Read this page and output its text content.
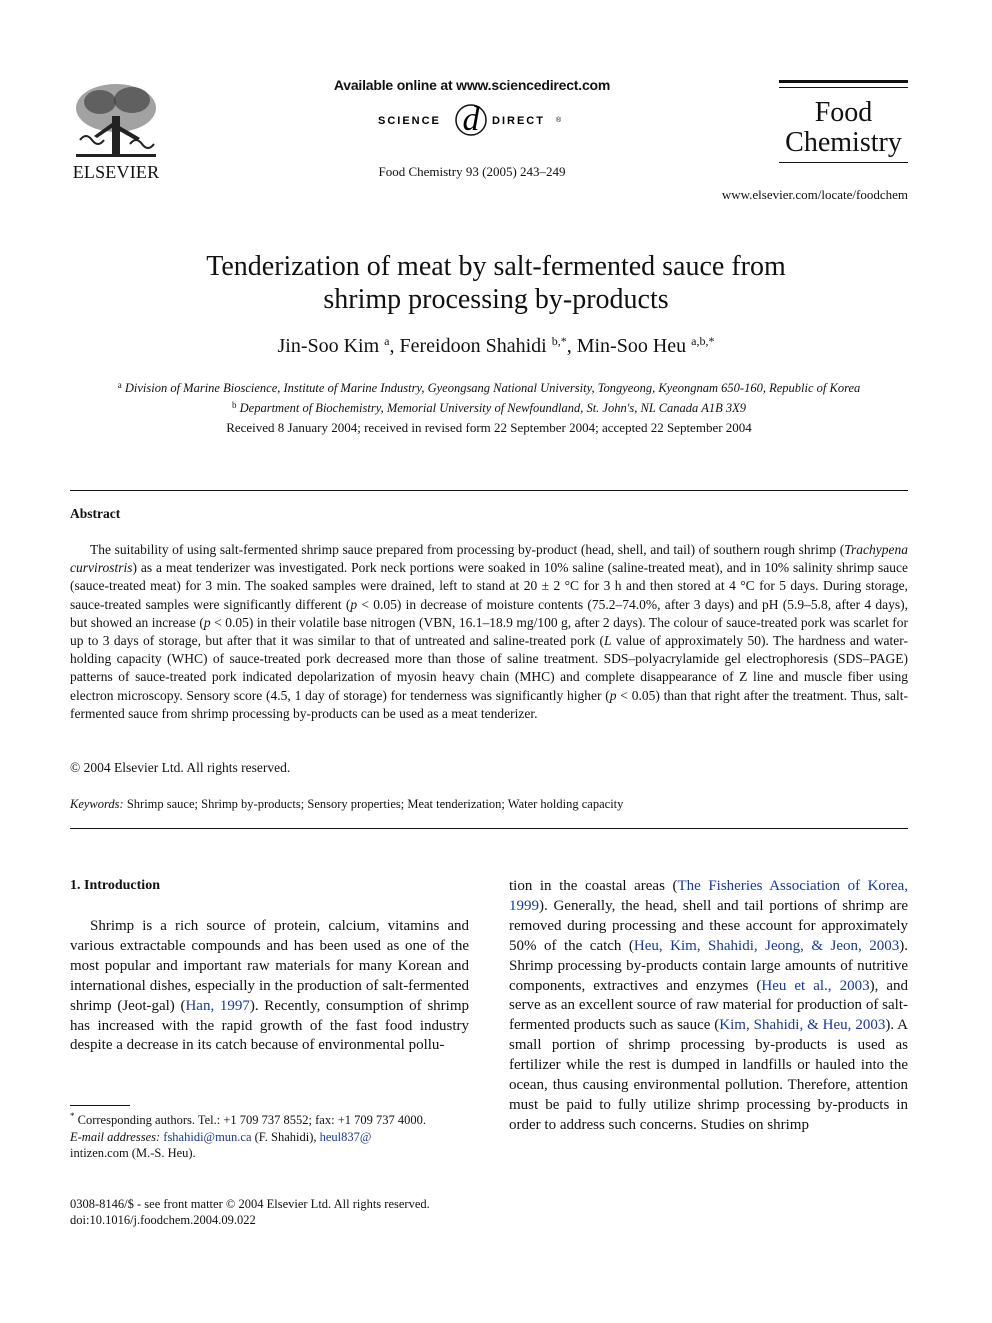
ELSEVIER
Available online at www.sciencedirect.com
SCIENCE d DIRECT ®
Food Chemistry 93 (2005) 243–249
Food
Chemistry
www.elsevier.com/locate/foodchem
Tenderization of meat by salt-fermented sauce from
shrimp processing by-products
Jin-Soo Kim $^a$, Fereidoon Shahidi $^{b,*}$, Min-Soo Heu $^{a,b,*}$
$^a$ Division of Marine Bioscience, Institute of Marine Industry, Gyeongsang National University, Tongyeong, Kyeongnam 650-160, Republic of Korea
$^b$ Department of Biochemistry, Memorial University of Newfoundland, St. John's, NL Canada A1B 3X9
Received 8 January 2004; received in revised form 22 September 2004; accepted 22 September 2004
Abstract

The suitability of using salt-fermented shrimp sauce prepared from processing by-product (head, shell, and tail) of southern rough shrimp (Trachypena curvirostris) as a meat tenderizer was investigated. Pork neck portions were soaked in 10% saline (saline-treated meat), and in 10% salinity shrimp sauce (sauce-treated meat) for 3 min. The soaked samples were drained, left to stand at 20 ± 2 °C for 3 h and then stored at 4 °C for 5 days. During storage, sauce-treated samples were significantly different (p < 0.05) in decrease of moisture contents (75.2–74.0%, after 3 days) and pH (5.9–5.8, after 4 days), but showed an increase (p < 0.05) in their volatile base nitrogen (VBN, 16.1–18.9 mg/100 g, after 2 days). The colour of sauce-treated pork was scarlet for up to 3 days of storage, but after that it was similar to that of untreated and saline-treated pork (L value of approximately 50). The hardness and water-holding capacity (WHC) of sauce-treated pork decreased more than those of saline treatment. SDS–polyacrylamide gel electrophoresis (SDS–PAGE) patterns of sauce-treated pork indicated depolarization of myosin heavy chain (MHC) and complete disappearance of Z line and muscle fiber using electron microscopy. Sensory score (4.5, 1 day of storage) for tenderness was significantly higher (p < 0.05) than that right after the treatment. Thus, salt-fermented sauce from shrimp processing by-products can be used as a meat tenderizer.

© 2004 Elsevier Ltd. All rights reserved.
Keywords: Shrimp sauce; Shrimp by-products; Sensory properties; Meat tenderization; Water holding capacity
1. Introduction
Shrimp is a rich source of protein, calcium, vitamins and various extractable compounds and has been used as one of the most popular and important raw materials for many Korean and international dishes, especially in the production of salt-fermented shrimp (Jeot-gal) (Han, 1997). Recently, consumption of shrimp has increased with the rapid growth of the fast food industry despite a decrease in its catch because of environmental pollu-
tion in the coastal areas (The Fisheries Association of Korea, 1999). Generally, the head, shell and tail portions of shrimp are removed during processing and these account for approximately 50% of the catch (Heu, Kim, Shahidi, Jeong, & Jeon, 2003). Shrimp processing by-products contain large amounts of nutritive components, extractives and enzymes (Heu et al., 2003), and serve as an excellent source of raw material for production of salt-fermented products such as sauce (Kim, Shahidi, & Heu, 2003). A small portion of shrimp processing by-products is used as fertilizer while the rest is dumped in landfills or hauled into the ocean, thus causing environmental pollution. Therefore, attention must be paid to fully utilize shrimp processing by-products in order to address such concerns. Studies on shrimp

* Corresponding authors. Tel.: +1 709 737 8552; fax: +1 709 737 4000.

E-mail addresses: fshahidi@mun.ca (F. Shahidi), heul837@
intizen.com (M.-S. Heu).

0308-8146/$ - see front matter © 2004 Elsevier Ltd. All rights reserved.
doi:10.1016/j.foodchem.2004.09.022
